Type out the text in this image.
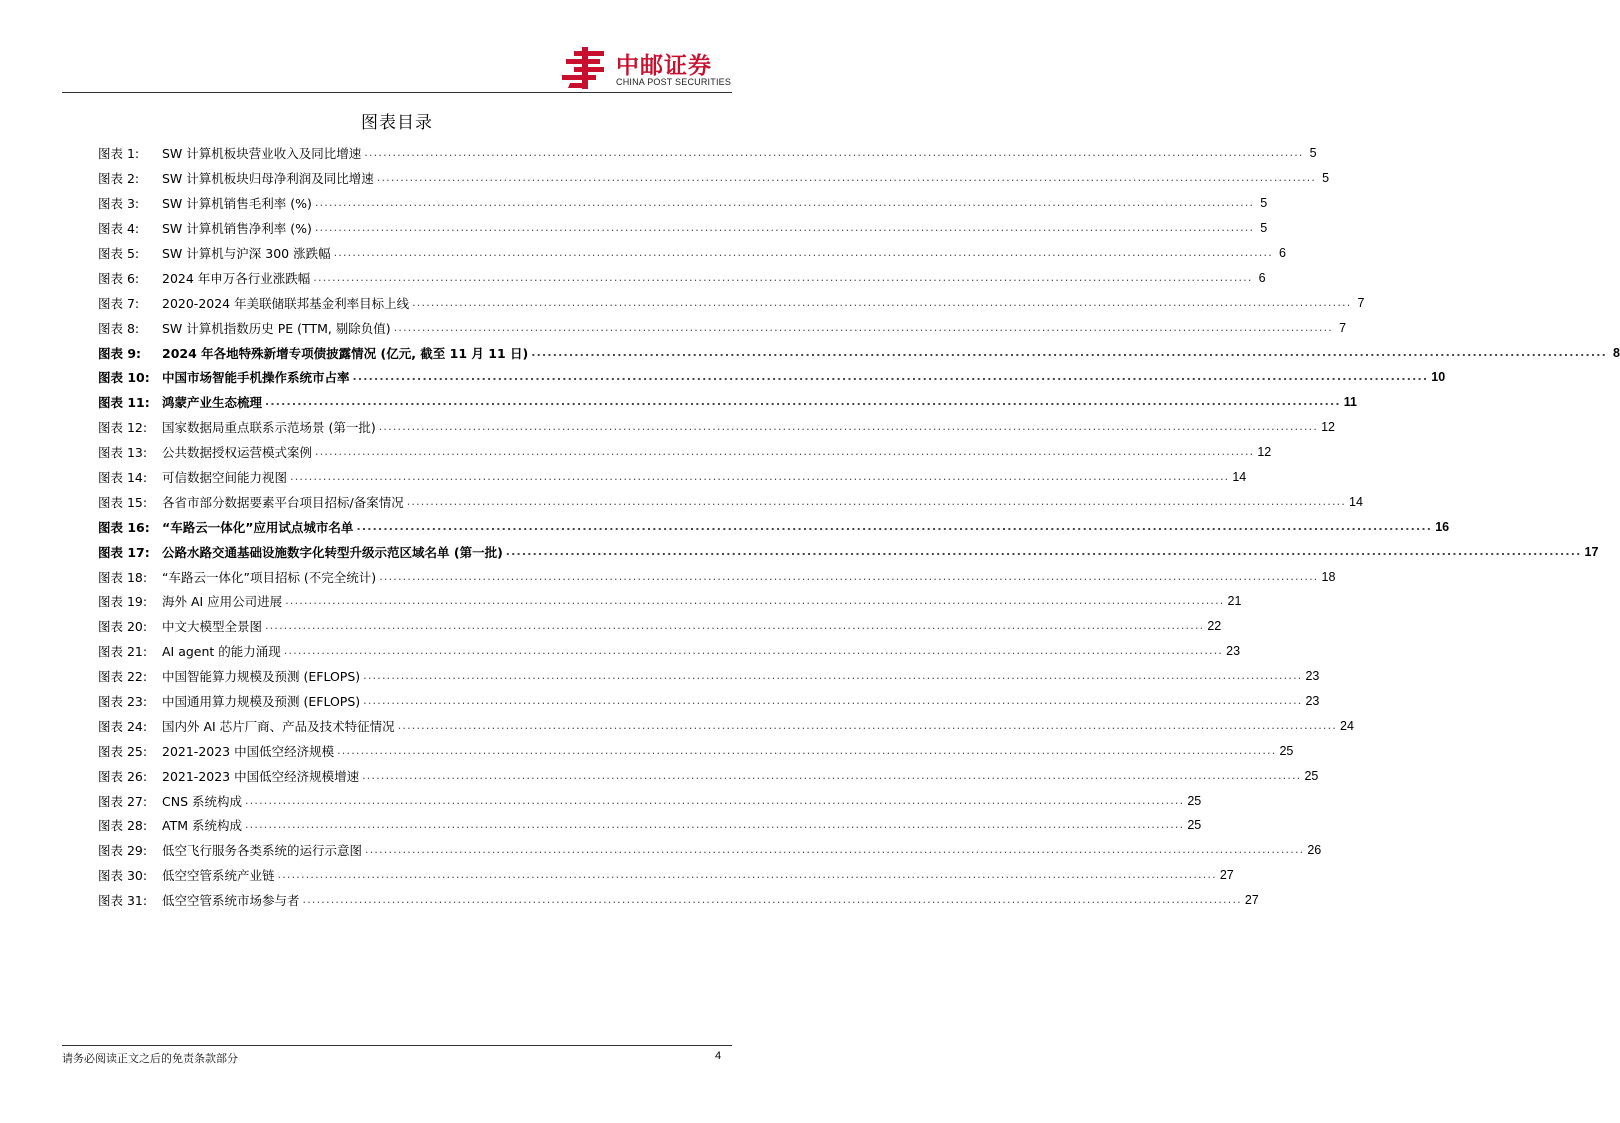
中邮证券
CHINA POST SECURITIES
图表目录
图表 1:	SW 计算机板块营业收入及同比增速 ........................................................................................................................................................................................................ 5
图表 2:	SW 计算机板块归母净利润及同比增速 ........................................................................................................................................................................................................ 5
图表 3:	SW 计算机销售毛利率 (%) ........................................................................................................................................................................................................ 5
图表 4:	SW 计算机销售净利率 (%) ........................................................................................................................................................................................................ 5
图表 5:	SW 计算机与沪深 300 涨跌幅 ........................................................................................................................................................................................................ 6
图表 6:	2024 年申万各行业涨跌幅 ........................................................................................................................................................................................................ 6
图表 7:	2020-2024 年美联储联邦基金利率目标上线 ........................................................................................................................................................................................................ 7
图表 8:	SW 计算机指数历史 PE (TTM, 剔除负值) ........................................................................................................................................................................................................ 7
图表 9:	2024 年各地特殊新增专项债披露情况 (亿元, 截至 11 月 11 日) ........................................................................................................................................................................................................ 8
图表 10: 中国市场智能手机操作系统市占率 ........................................................................................................................................................................................................ 10
图表 11: 鸿蒙产业生态梳理 ........................................................................................................................................................................................................ 11
图表 12:	国家数据局重点联系示范场景 (第一批) ........................................................................................................................................................................................................ 12
图表 13:	公共数据授权运营模式案例 ........................................................................................................................................................................................................ 12
图表 14:	可信数据空间能力视图 ........................................................................................................................................................................................................ 14
图表 15:	各省市部分数据要素平台项目招标/备案情况 ........................................................................................................................................................................................................ 14
图表 16: “车路云一体化”应用试点城市名单 ........................................................................................................................................................................................................ 16
图表 17: 公路水路交通基础设施数字化转型升级示范区域名单 (第一批) ........................................................................................................................................................................................................ 17
图表 18:	“车路云一体化”项目招标 (不完全统计) ........................................................................................................................................................................................................ 18
图表 19:	海外 AI 应用公司进展 ........................................................................................................................................................................................................ 21
图表 20:	中文大模型全景图 ........................................................................................................................................................................................................ 22
图表 21:	AI agent 的能力涌现 ........................................................................................................................................................................................................ 23
图表 22:	中国智能算力规模及预测 (EFLOPS) ........................................................................................................................................................................................................ 23
图表 23:	中国通用算力规模及预测 (EFLOPS) ........................................................................................................................................................................................................ 23
图表 24:	国内外 AI 芯片厂商、产品及技术特征情况 ........................................................................................................................................................................................................ 24
图表 25:	2021-2023 中国低空经济规模 ........................................................................................................................................................................................................ 25
图表 26:	2021-2023 中国低空经济规模增速 ........................................................................................................................................................................................................ 25
图表 27:	CNS 系统构成 ........................................................................................................................................................................................................ 25
图表 28:	ATM 系统构成 ........................................................................................................................................................................................................ 25
图表 29:	低空飞行服务各类系统的运行示意图 ........................................................................................................................................................................................................ 26
图表 30:	低空空管系统产业链 ........................................................................................................................................................................................................ 27
图表 31:	低空空管系统市场参与者 ........................................................................................................................................................................................................ 27
请务必阅读正文之后的免责条款部分	4
